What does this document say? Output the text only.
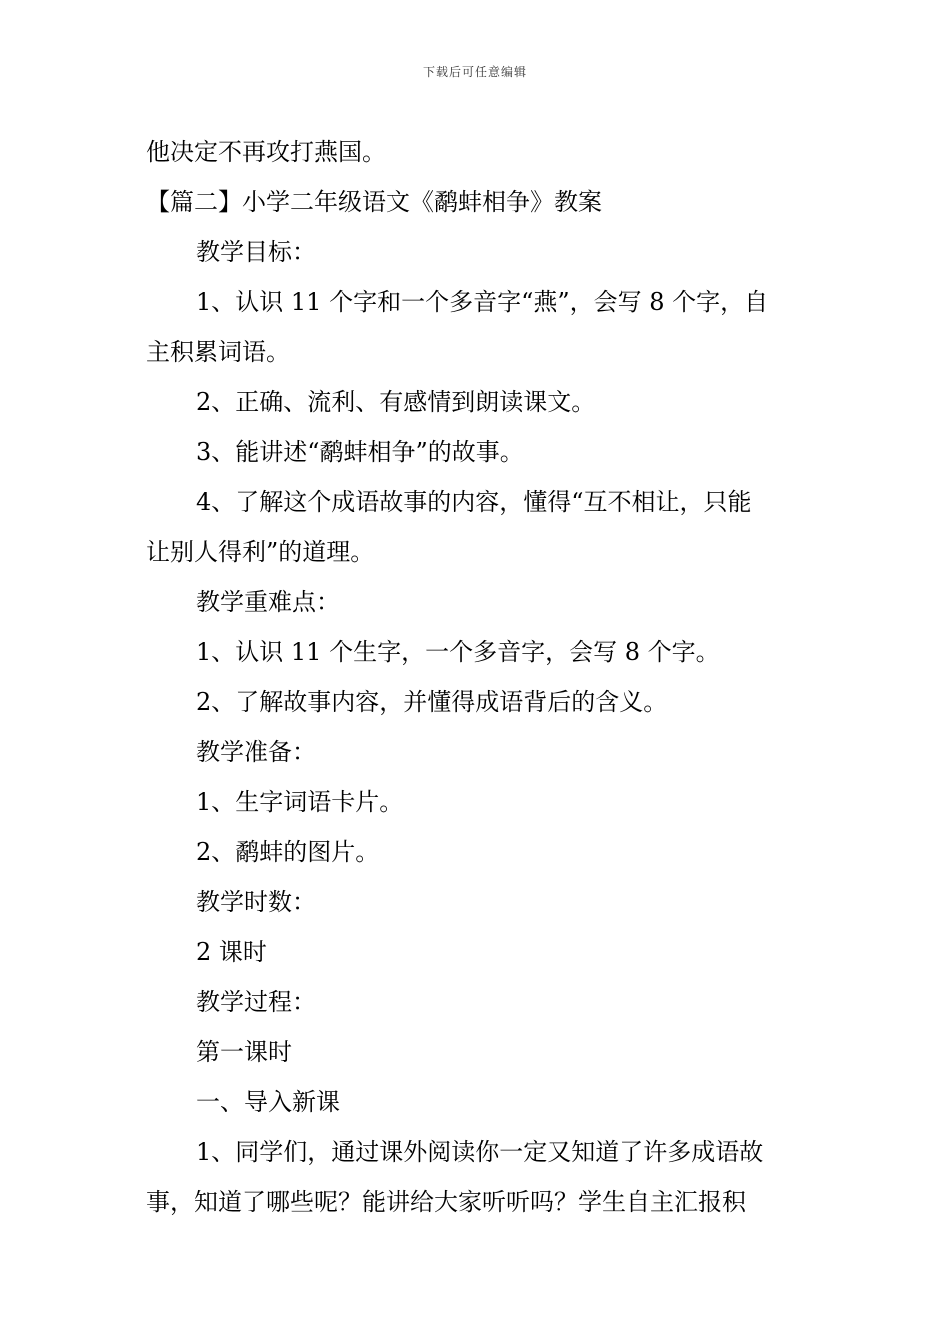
下载后可任意编辑
他决定不再攻打燕国。
【篇二】小学二年级语文《鹬蚌相争》教案
教学目标：
1、认识 11 个字和一个多音字“燕”，会写 8 个字，自
主积累词语。
2、正确、流利、有感情到朗读课文。
3、能讲述“鹬蚌相争”的故事。
4、了解这个成语故事的内容，懂得“互不相让，只能
让别人得利”的道理。
教学重难点：
1、认识 11 个生字，一个多音字，会写 8 个字。
2、了解故事内容，并懂得成语背后的含义。
教学准备：
1、生字词语卡片。
2、鹬蚌的图片。
教学时数：
2 课时
教学过程：
第一课时
一、导入新课
1、同学们，通过课外阅读你一定又知道了许多成语故
事，知道了哪些呢？能讲给大家听听吗？学生自主汇报积
